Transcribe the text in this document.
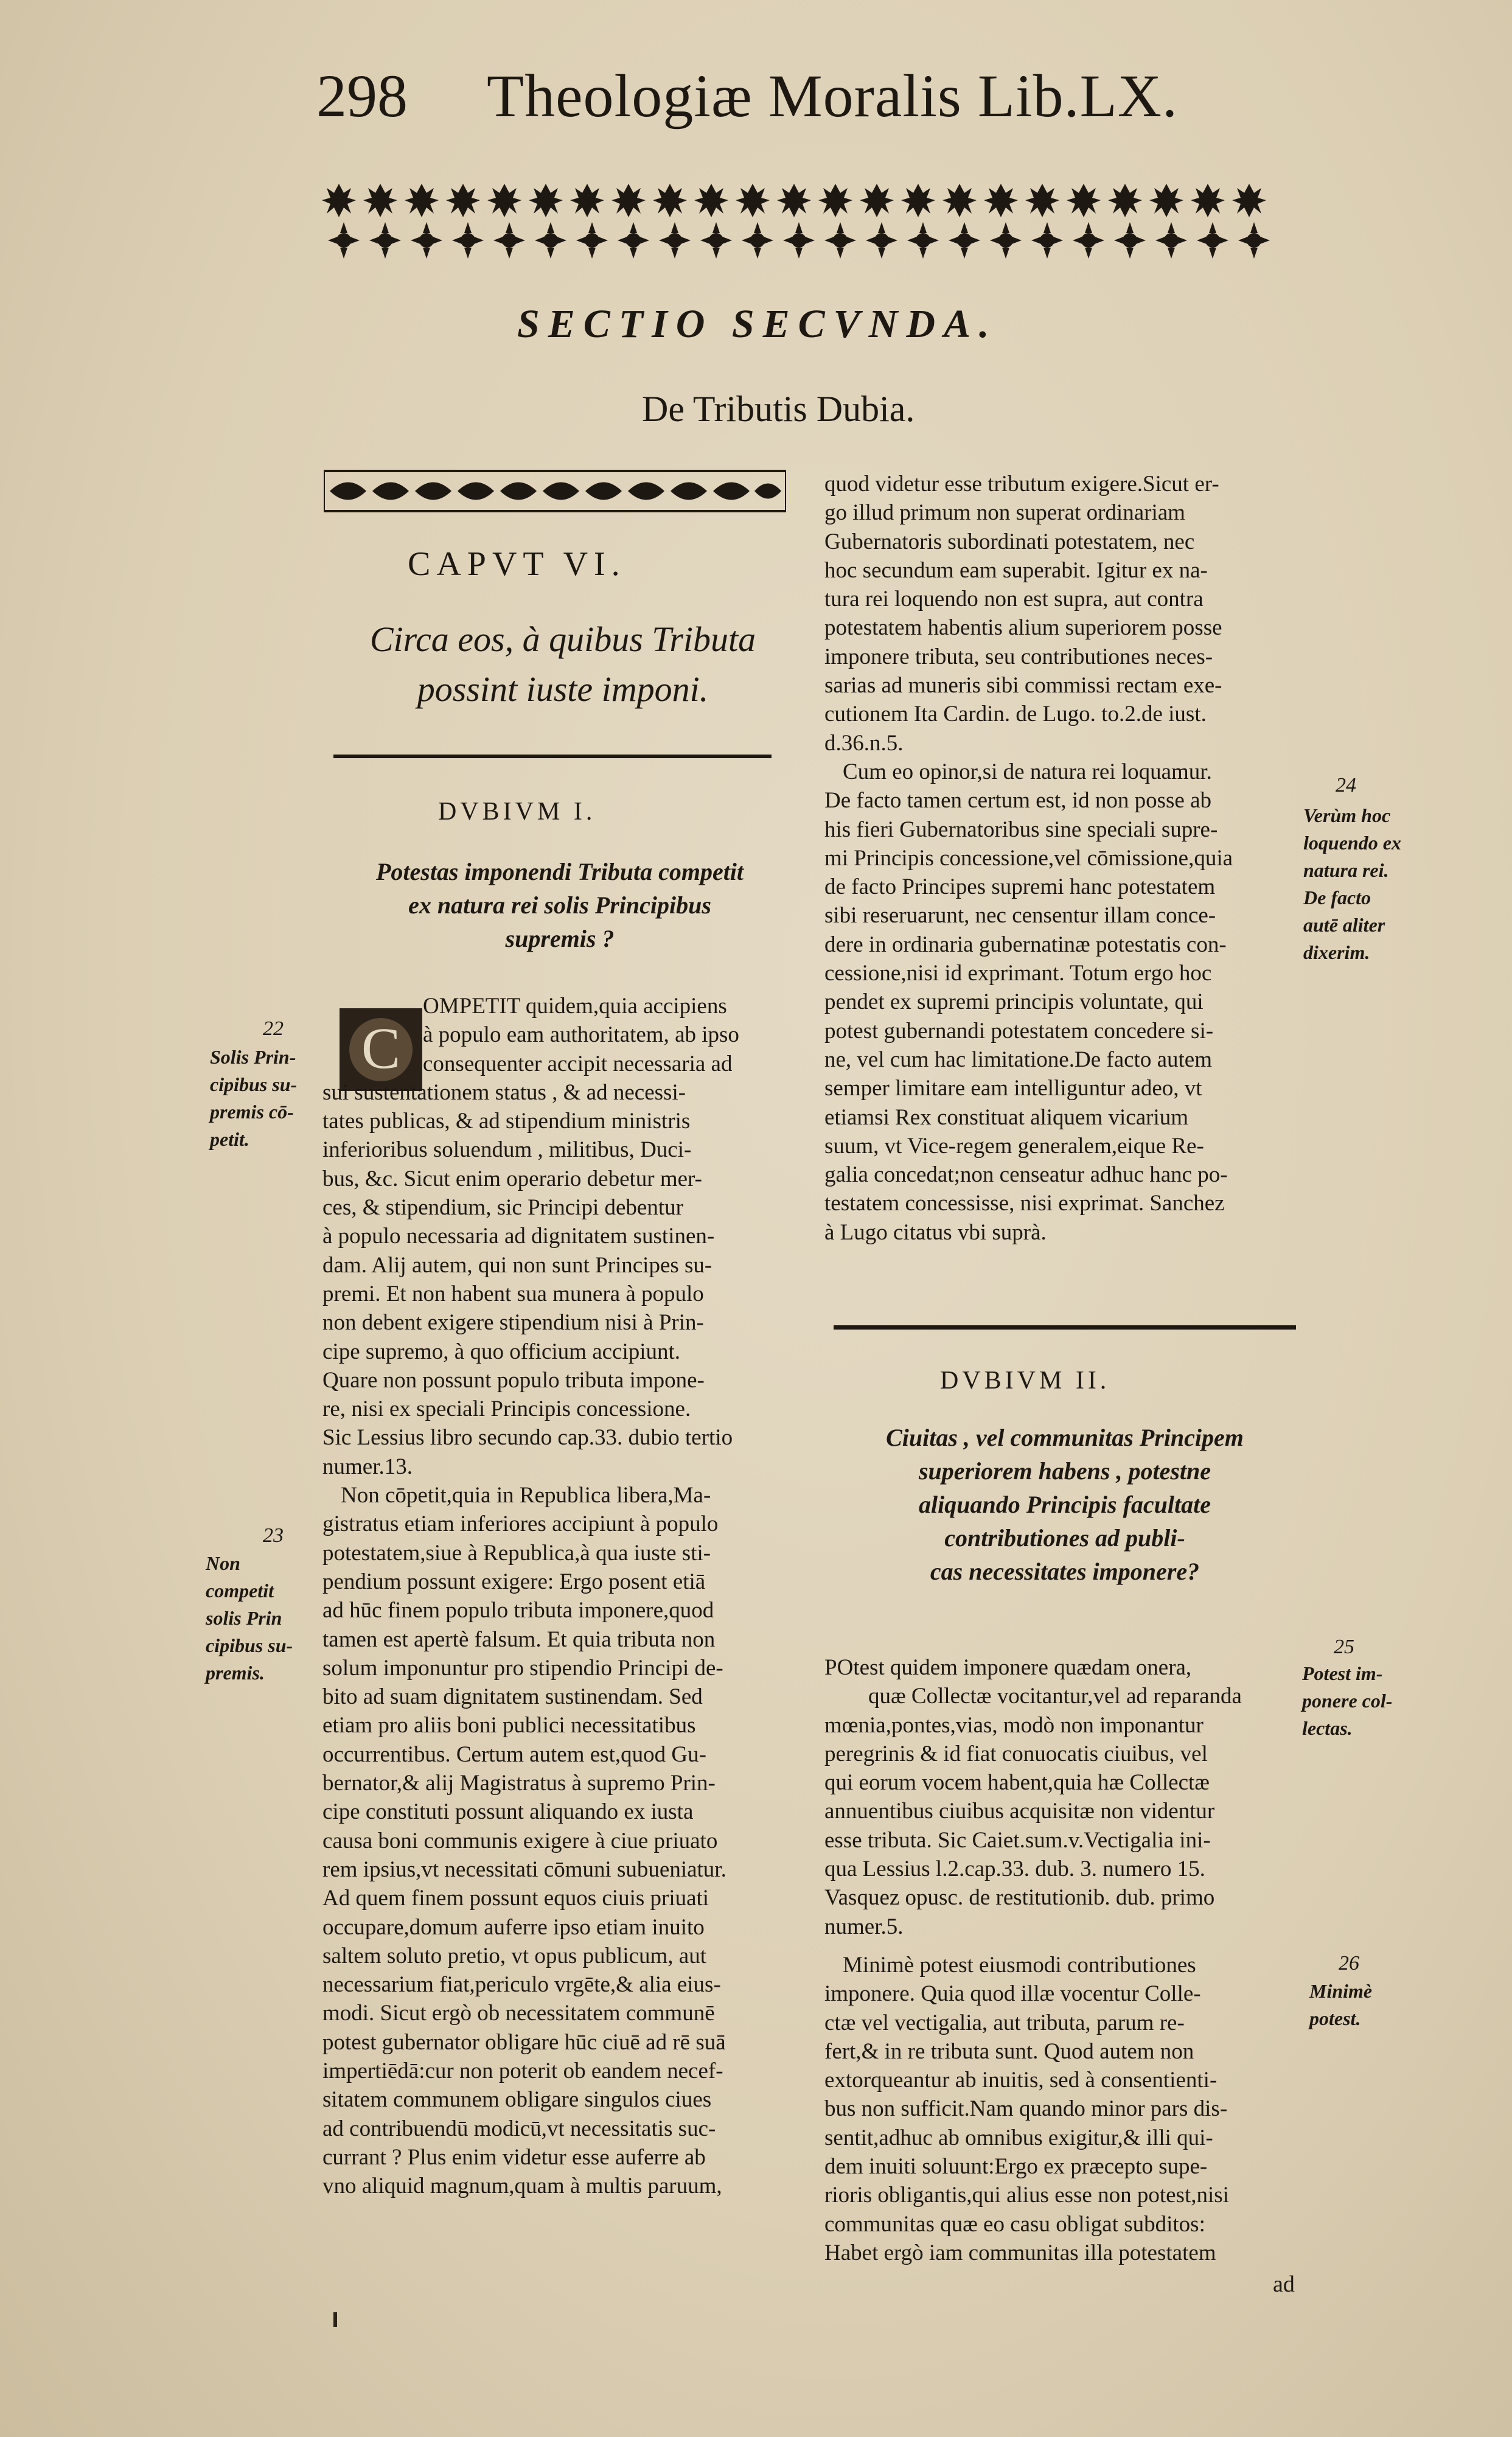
298 Theologiæ Moralis Lib.LX.
SECTIO SECVNDA.
De Tributis Dubia.
CAPVT VI.
Circa eos, à quibus Tributa
possint iuste imponi.
DVBIVM I.
Potestas imponendi Tributa competit
ex natura rei solis Principibus
supremis ?
C

OMPETIT quidem,quia accipiens
à populo eam authoritatem, ab ipso
consequenter accipit necessaria ad
sui sustentationem status , & ad necessi-
tates publicas, & ad stipendium ministris
inferioribus soluendum , militibus, Duci-
bus, &c. Sicut enim operario debetur mer-
ces, & stipendium, sic Principi debentur
à populo necessaria ad dignitatem sustinen-
dam. Alij autem, qui non sunt Principes su-
premi. Et non habent sua munera à populo
non debent exigere stipendium nisi à Prin-
cipe supremo, à quo officium accipiunt.
Quare non possunt populo tributa impone-
re, nisi ex speciali Principis concessione.
Sic Lessius libro secundo cap.33. dubio tertio
numer.13.

Non cōpetit,quia in Republica libera,Ma-
gistratus etiam inferiores accipiunt à populo
potestatem,siue à Republica,à qua iuste sti-
pendium possunt exigere: Ergo posent etiā
ad hūc finem populo tributa imponere,quod
tamen est apertè falsum. Et quia tributa non
solum imponuntur pro stipendio Principi de-
bito ad suam dignitatem sustinendam. Sed
etiam pro aliis boni publici necessitatibus
occurrentibus. Certum autem est,quod Gu-
bernator,& alij Magistratus à supremo Prin-
cipe constituti possunt aliquando ex iusta
causa boni communis exigere à ciue priuato
rem ipsius,vt necessitati cōmuni subueniatur.
Ad quem finem possunt equos ciuis priuati
occupare,domum auferre ipso etiam inuito
saltem soluto pretio, vt opus publicum, aut
necessarium fiat,periculo vrgēte,& alia eius-
modi. Sicut ergò ob necessitatem communē
potest gubernator obligare hūc ciuē ad rē suā
impertiēdā:cur non poterit ob eandem necef-
sitatem communem obligare singulos ciues
ad contribuendū modicū,vt necessitatis suc-
currant ? Plus enim videtur esse auferre ab
vno aliquid magnum,quam à multis paruum,

quod videtur esse tributum exigere.Sicut er-
go illud primum non superat ordinariam
Gubernatoris subordinati potestatem, nec
hoc secundum eam superabit. Igitur ex na-
tura rei loquendo non est supra, aut contra
potestatem habentis alium superiorem posse
imponere tributa, seu contributiones neces-
sarias ad muneris sibi commissi rectam exe-
cutionem Ita Cardin. de Lugo. to.2.de iust.
d.36.n.5.

Cum eo opinor,si de natura rei loquamur.
De facto tamen certum est, id non posse ab
his fieri Gubernatoribus sine speciali supre-
mi Principis concessione,vel cōmissione,quia
de facto Principes supremi hanc potestatem
sibi reseruarunt, nec censentur illam conce-
dere in ordinaria gubernatinæ potestatis con-
cessione,nisi id exprimant. Totum ergo hoc
pendet ex supremi principis voluntate, qui
potest gubernandi potestatem concedere si-
ne, vel cum hac limitatione.De facto autem
semper limitare eam intelliguntur adeo, vt
etiamsi Rex constituat aliquem vicarium
suum, vt Vice-regem generalem,eique Re-
galia concedat;non censeatur adhuc hanc po-
testatem concessisse, nisi exprimat. Sanchez
à Lugo citatus vbi suprà.

DVBIVM II.
Ciuitas , vel communitas Principem
superiorem habens , potestne
aliquando Principis facultate
contributiones ad publi-
cas necessitates imponere?

POtest quidem imponere quædam onera,
quæ Collectæ vocitantur,vel ad reparanda
mœnia,pontes,vias, modò non imponantur
peregrinis & id fiat conuocatis ciuibus, vel
qui eorum vocem habent,quia hæ Collectæ
annuentibus ciuibus acquisitæ non videntur
esse tributa. Sic Caiet.sum.v.Vectigalia ini-
qua Lessius l.2.cap.33. dub. 3. numero 15.
Vasquez opusc. de restitutionib. dub. primo
numer.5.

Minimè potest eiusmodi contributiones
imponere. Quia quod illæ vocentur Colle-
ctæ vel vectigalia, aut tributa, parum re-
fert,& in re tributa sunt. Quod autem non
extorqueantur ab inuitis, sed à consentienti-
bus non sufficit.Nam quando minor pars dis-
sentit,adhuc ab omnibus exigitur,& illi qui-
dem inuiti soluunt:Ergo ex præcepto supe-
rioris obligantis,qui alius esse non potest,nisi
communitas quæ eo casu obligat subditos:
Habet ergò iam communitas illa potestatem

ad
22
Solis Prin-
cipibus su-
premis cō-
petit.
23
Non
competit
solis Prin
cipibus su-
premis.
24
Verùm hoc
loquendo ex
natura rei.
De facto
autē aliter
dixerim.
25
Potest im-
ponere col-
lectas.
26
Minimè
potest.
